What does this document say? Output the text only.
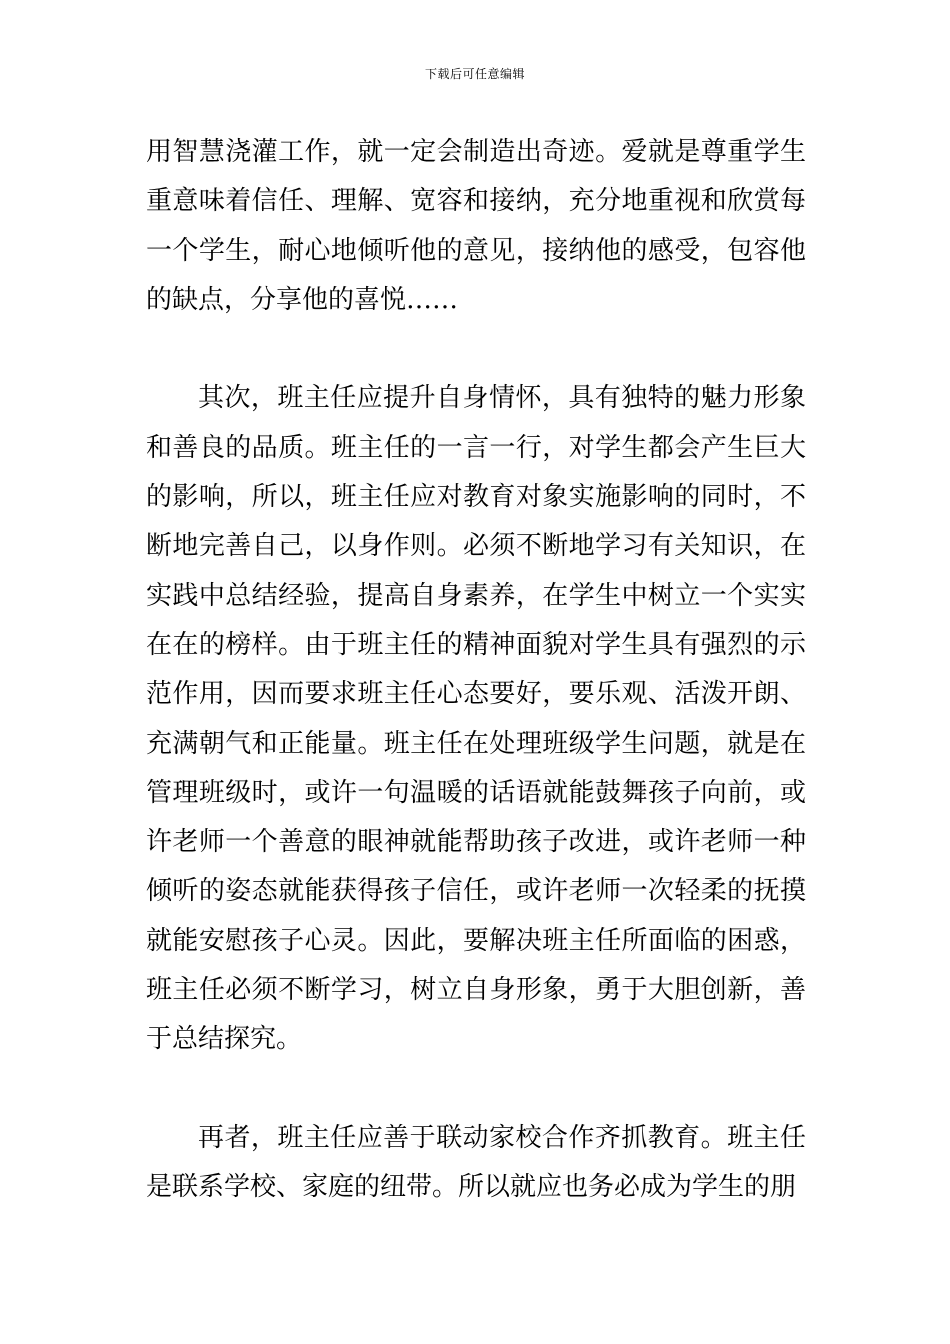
下载后可任意编辑

用智慧浇灌工作，就一定会制造出奇迹。爱就是尊重学生重意味着信任、理解、宽容和接纳，充分地重视和欣赏每一个学生，耐心地倾听他的意见，接纳他的感受，包容他的缺点，分享他的喜悦……

其次，班主任应提升自身情怀，具有独特的魅力形象和善良的品质。班主任的一言一行，对学生都会产生巨大的影响，所以，班主任应对教育对象实施影响的同时，不断地完善自己，以身作则。必须不断地学习有关知识，在实践中总结经验，提高自身素养，在学生中树立一个实实在在的榜样。由于班主任的精神面貌对学生具有强烈的示范作用，因而要求班主任心态要好，要乐观、活泼开朗、充满朝气和正能量。班主任在处理班级学生问题，就是在管理班级时，或许一句温暖的话语就能鼓舞孩子向前，或许老师一个善意的眼神就能帮助孩子改进，或许老师一种倾听的姿态就能获得孩子信任，或许老师一次轻柔的抚摸就能安慰孩子心灵。因此，要解决班主任所面临的困惑，班主任必须不断学习，树立自身形象，勇于大胆创新，善于总结探究。

再者，班主任应善于联动家校合作齐抓教育。班主任是联系学校、家庭的纽带。所以就应也务必成为学生的朋
